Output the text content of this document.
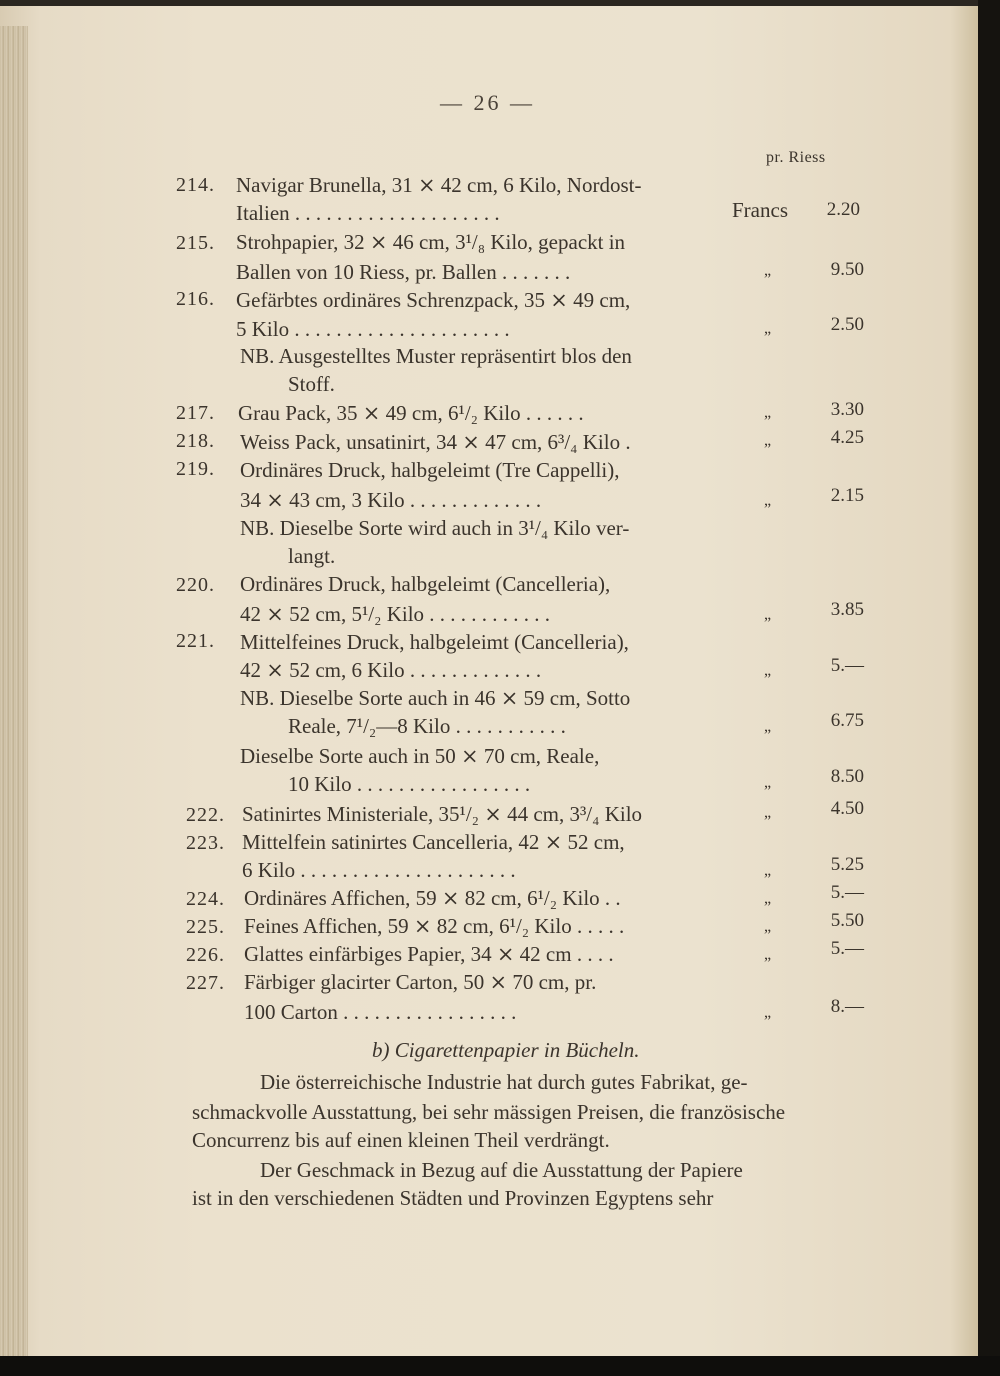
— 26 —
pr. Riess
214. Navigar Brunella, 31 ⨯ 42 cm, 6 Kilo, Nordost-
Italien . . . . . . . . . . . . . . . . . . . .	Francs	2.20
215. Strohpapier, 32 ⨯ 46 cm, 3¹/₈ Kilo, gepackt in
Ballen von 10 Riess, pr. Ballen . . . . . . .	„	9.50
216. Gefärbtes ordinäres Schrenzpack, 35 ⨯ 49 cm,
5 Kilo . . . . . . . . . . . . . . . . . . . . .	„	2.50
NB. Ausgestelltes Muster repräsentirt blos den
Stoff.
217. Grau Pack, 35 ⨯ 49 cm, 6¹/₂ Kilo . . . . . .	„	3.30
218. Weiss Pack, unsatinirt, 34 ⨯ 47 cm, 6³/₄ Kilo .	„	4.25
219. Ordinäres Druck, halbgeleimt (Tre Cappelli),
34 ⨯ 43 cm, 3 Kilo . . . . . . . . . . . . .	„	2.15
NB. Dieselbe Sorte wird auch in 3¹/₄ Kilo ver-
langt.
220. Ordinäres Druck, halbgeleimt (Cancelleria),
42 ⨯ 52 cm, 5¹/₂ Kilo . . . . . . . . . . . .	„	3.85
221. Mittelfeines Druck, halbgeleimt (Cancelleria),
42 ⨯ 52 cm, 6 Kilo . . . . . . . . . . . . .	„	5.—
NB. Dieselbe Sorte auch in 46 ⨯ 59 cm, Sotto
Reale, 7¹/₂—8 Kilo . . . . . . . . . . .	„	6.75
Dieselbe Sorte auch in 50 ⨯ 70 cm, Reale,
10 Kilo . . . . . . . . . . . . . . . . .	„	8.50
222. Satinirtes Ministeriale, 35¹/₂ ⨯ 44 cm, 3³/₄ Kilo	„	4.50
223. Mittelfein satinirtes Cancelleria, 42 ⨯ 52 cm,
6 Kilo . . . . . . . . . . . . . . . . . . . . .	„	5.25
224. Ordinäres Affichen, 59 ⨯ 82 cm, 6¹/₂ Kilo . .	„	5.—
225. Feines Affichen, 59 ⨯ 82 cm, 6¹/₂ Kilo . . . . .	„	5.50
226. Glattes einfärbiges Papier, 34 ⨯ 42 cm . . . .	„	5.—
227. Färbiger glacirter Carton, 50 ⨯ 70 cm, pr.
100 Carton . . . . . . . . . . . . . . . . .	„	8.—
b) Cigarettenpapier in Bücheln.
Die österreichische Industrie hat durch gutes Fabrikat, ge-
schmackvolle Ausstattung, bei sehr mässigen Preisen, die französische
Concurrenz bis auf einen kleinen Theil verdrängt.
Der Geschmack in Bezug auf die Ausstattung der Papiere
ist in den verschiedenen Städten und Provinzen Egyptens sehr
